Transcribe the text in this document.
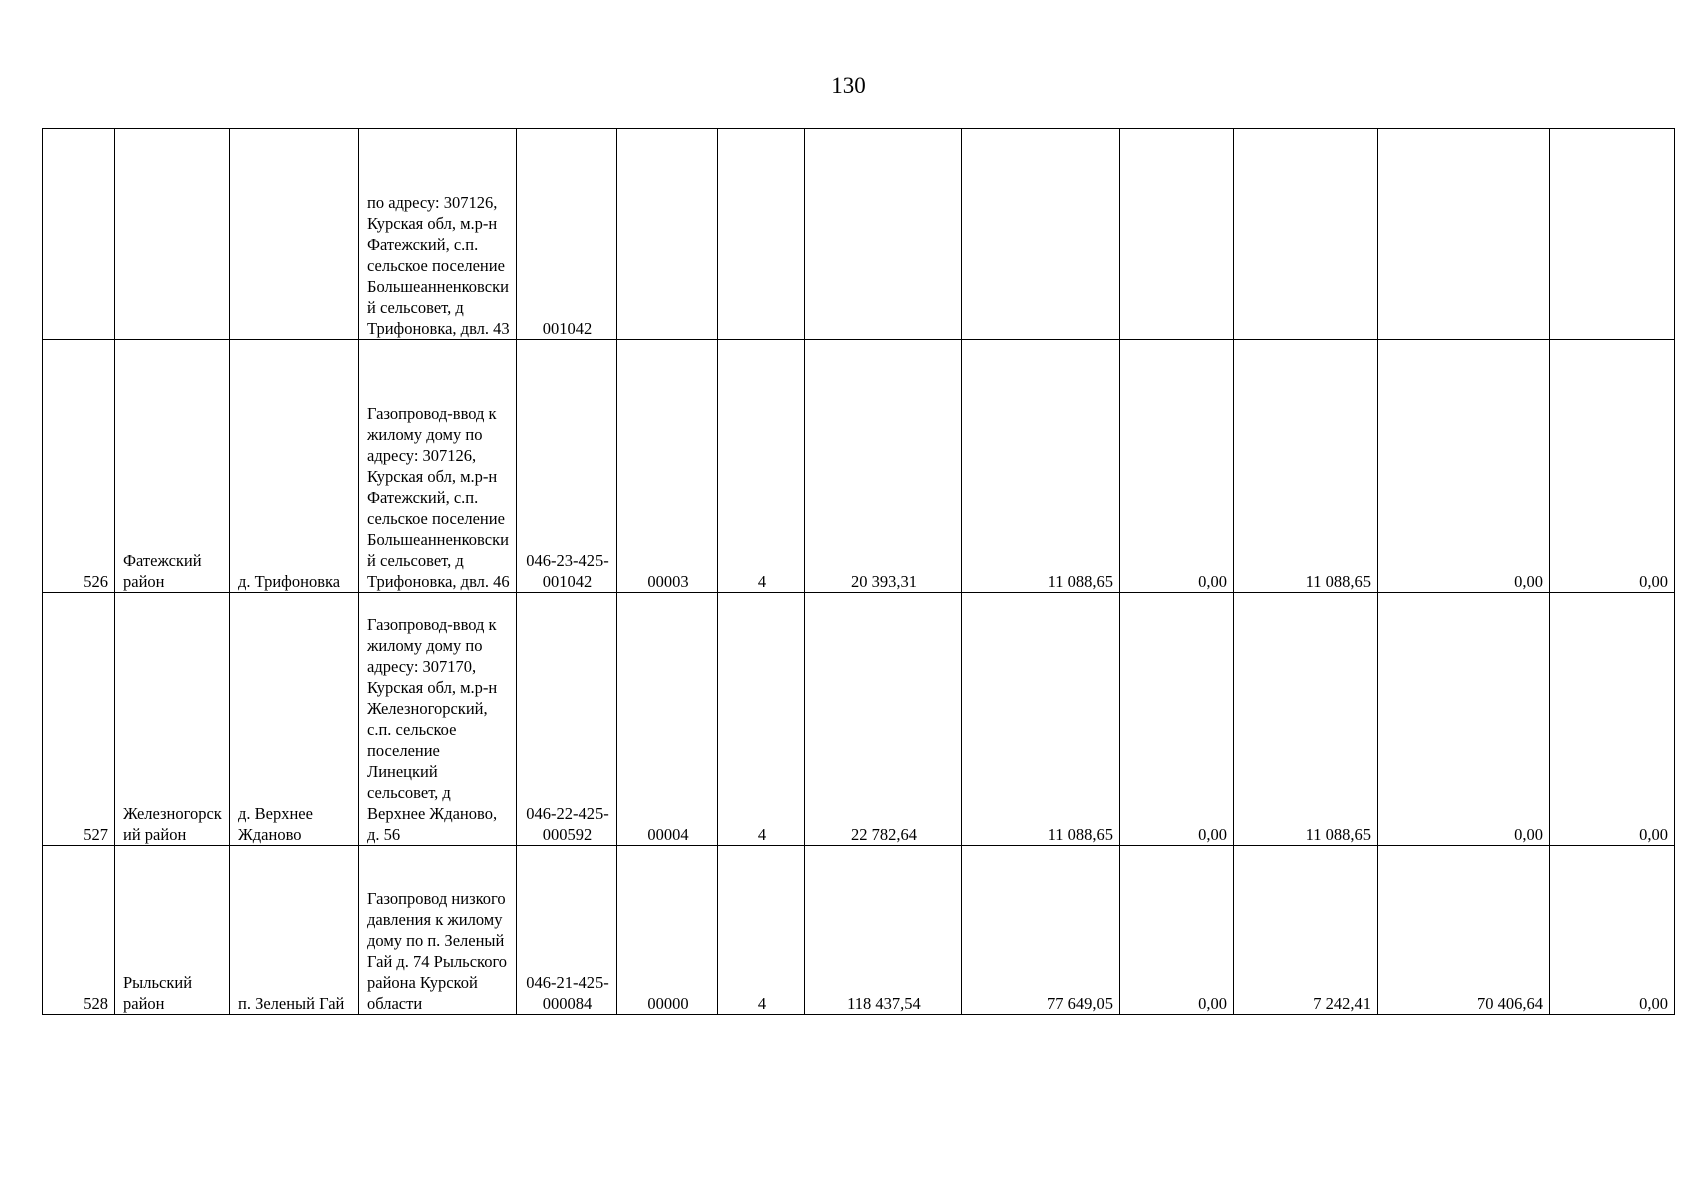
130
			по адресу: 307126, Курская обл, м.р-н Фатежский, с.п. сельское поселение Большеанненковский сельсовет, д Трифоновка, двл. 43	001042								
526	Фатежский район	д. Трифоновка	Газопровод-ввод к жилому дому по адресу: 307126, Курская обл, м.р-н Фатежский, с.п. сельское поселение Большеанненковский сельсовет, д Трифоновка, двл. 46	046-23-425-001042	00003	4	20 393,31	11 088,65	0,00	11 088,65	0,00	0,00
527	Железногорский район	д. Верхнее Жданово	Газопровод-ввод к жилому дому по адресу: 307170, Курская обл, м.р-н Железногорский, с.п. сельское поселение Линецкий сельсовет, д Верхнее Жданово, д. 56	046-22-425-000592	00004	4	22 782,64	11 088,65	0,00	11 088,65	0,00	0,00
528	Рыльский район	п. Зеленый Гай	Газопровод низкого давления к жилому дому по п. Зеленый Гай д. 74 Рыльского района Курской области	046-21-425-000084	00000	4	118 437,54	77 649,05	0,00	7 242,41	70 406,64	0,00
